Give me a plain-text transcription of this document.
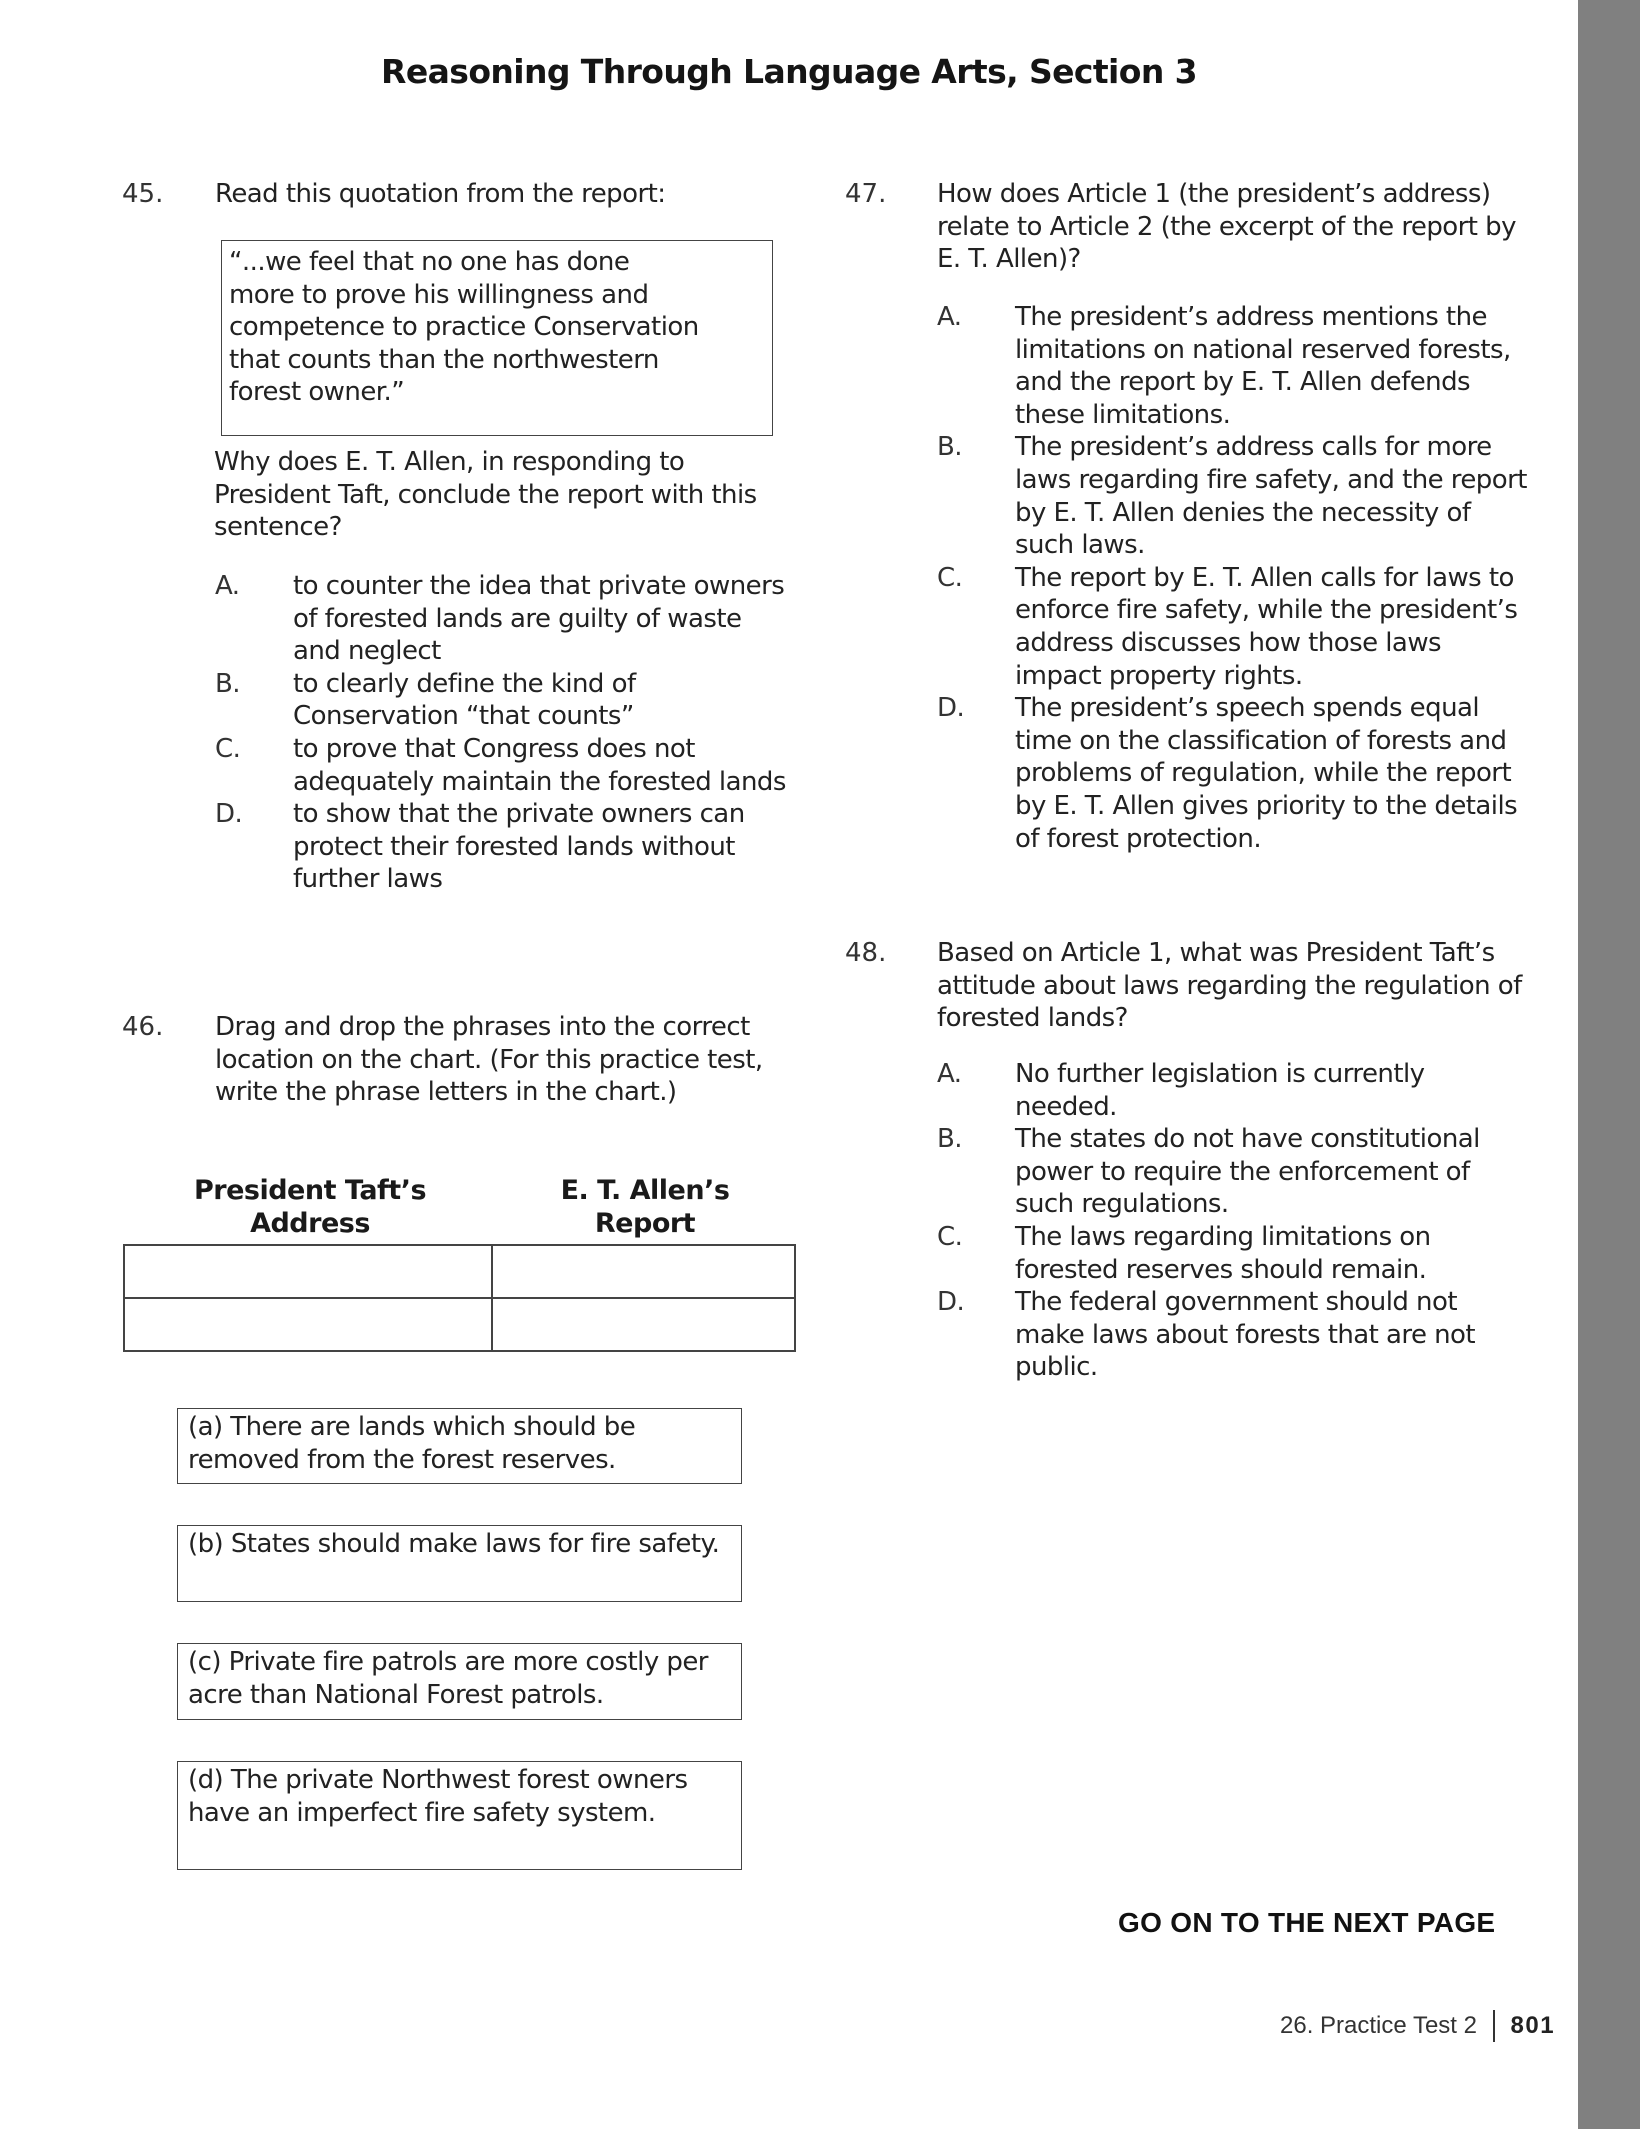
Reasoning Through Language Arts, Section 3
45. Read this quotation from the report:
“...we feel that no one has done
more to prove his willingness and
competence to practice Conservation
that counts than the northwestern
forest owner.”
Why does E. T. Allen, in responding to President Taft, conclude the report with this sentence?
A. to counter the idea that private owners of forested lands are guilty of waste and neglect
B. to clearly define the kind of Conservation “that counts”
C. to prove that Congress does not adequately maintain the forested lands
D. to show that the private owners can protect their forested lands without further laws
46. Drag and drop the phrases into the correct location on the chart. (For this practice test, write the phrase letters in the chart.)
President Taft’s Address
E. T. Allen’s Report

(a) There are lands which should be removed from the forest reserves.
(b) States should make laws for fire safety.
(c) Private fire patrols are more costly per acre than National Forest patrols.
(d) The private Northwest forest owners have an imperfect fire safety system.
47. How does Article 1 (the president’s address) relate to Article 2 (the excerpt of the report by E. T. Allen)?
A. The president’s address mentions the limitations on national reserved forests, and the report by E. T. Allen defends these limitations.
B. The president’s address calls for more laws regarding fire safety, and the report by E. T. Allen denies the necessity of such laws.
C. The report by E. T. Allen calls for laws to enforce fire safety, while the president’s address discusses how those laws impact property rights.
D. The president’s speech spends equal time on the classification of forests and problems of regulation, while the report by E. T. Allen gives priority to the details of forest protection.
48. Based on Article 1, what was President Taft’s attitude about laws regarding the regulation of forested lands?
A. No further legislation is currently needed.
B. The states do not have constitutional power to require the enforcement of such regulations.
C. The laws regarding limitations on forested reserves should remain.
D. The federal government should not make laws about forests that are not public.
GO ON TO THE NEXT PAGE
26. Practice Test 2 801
